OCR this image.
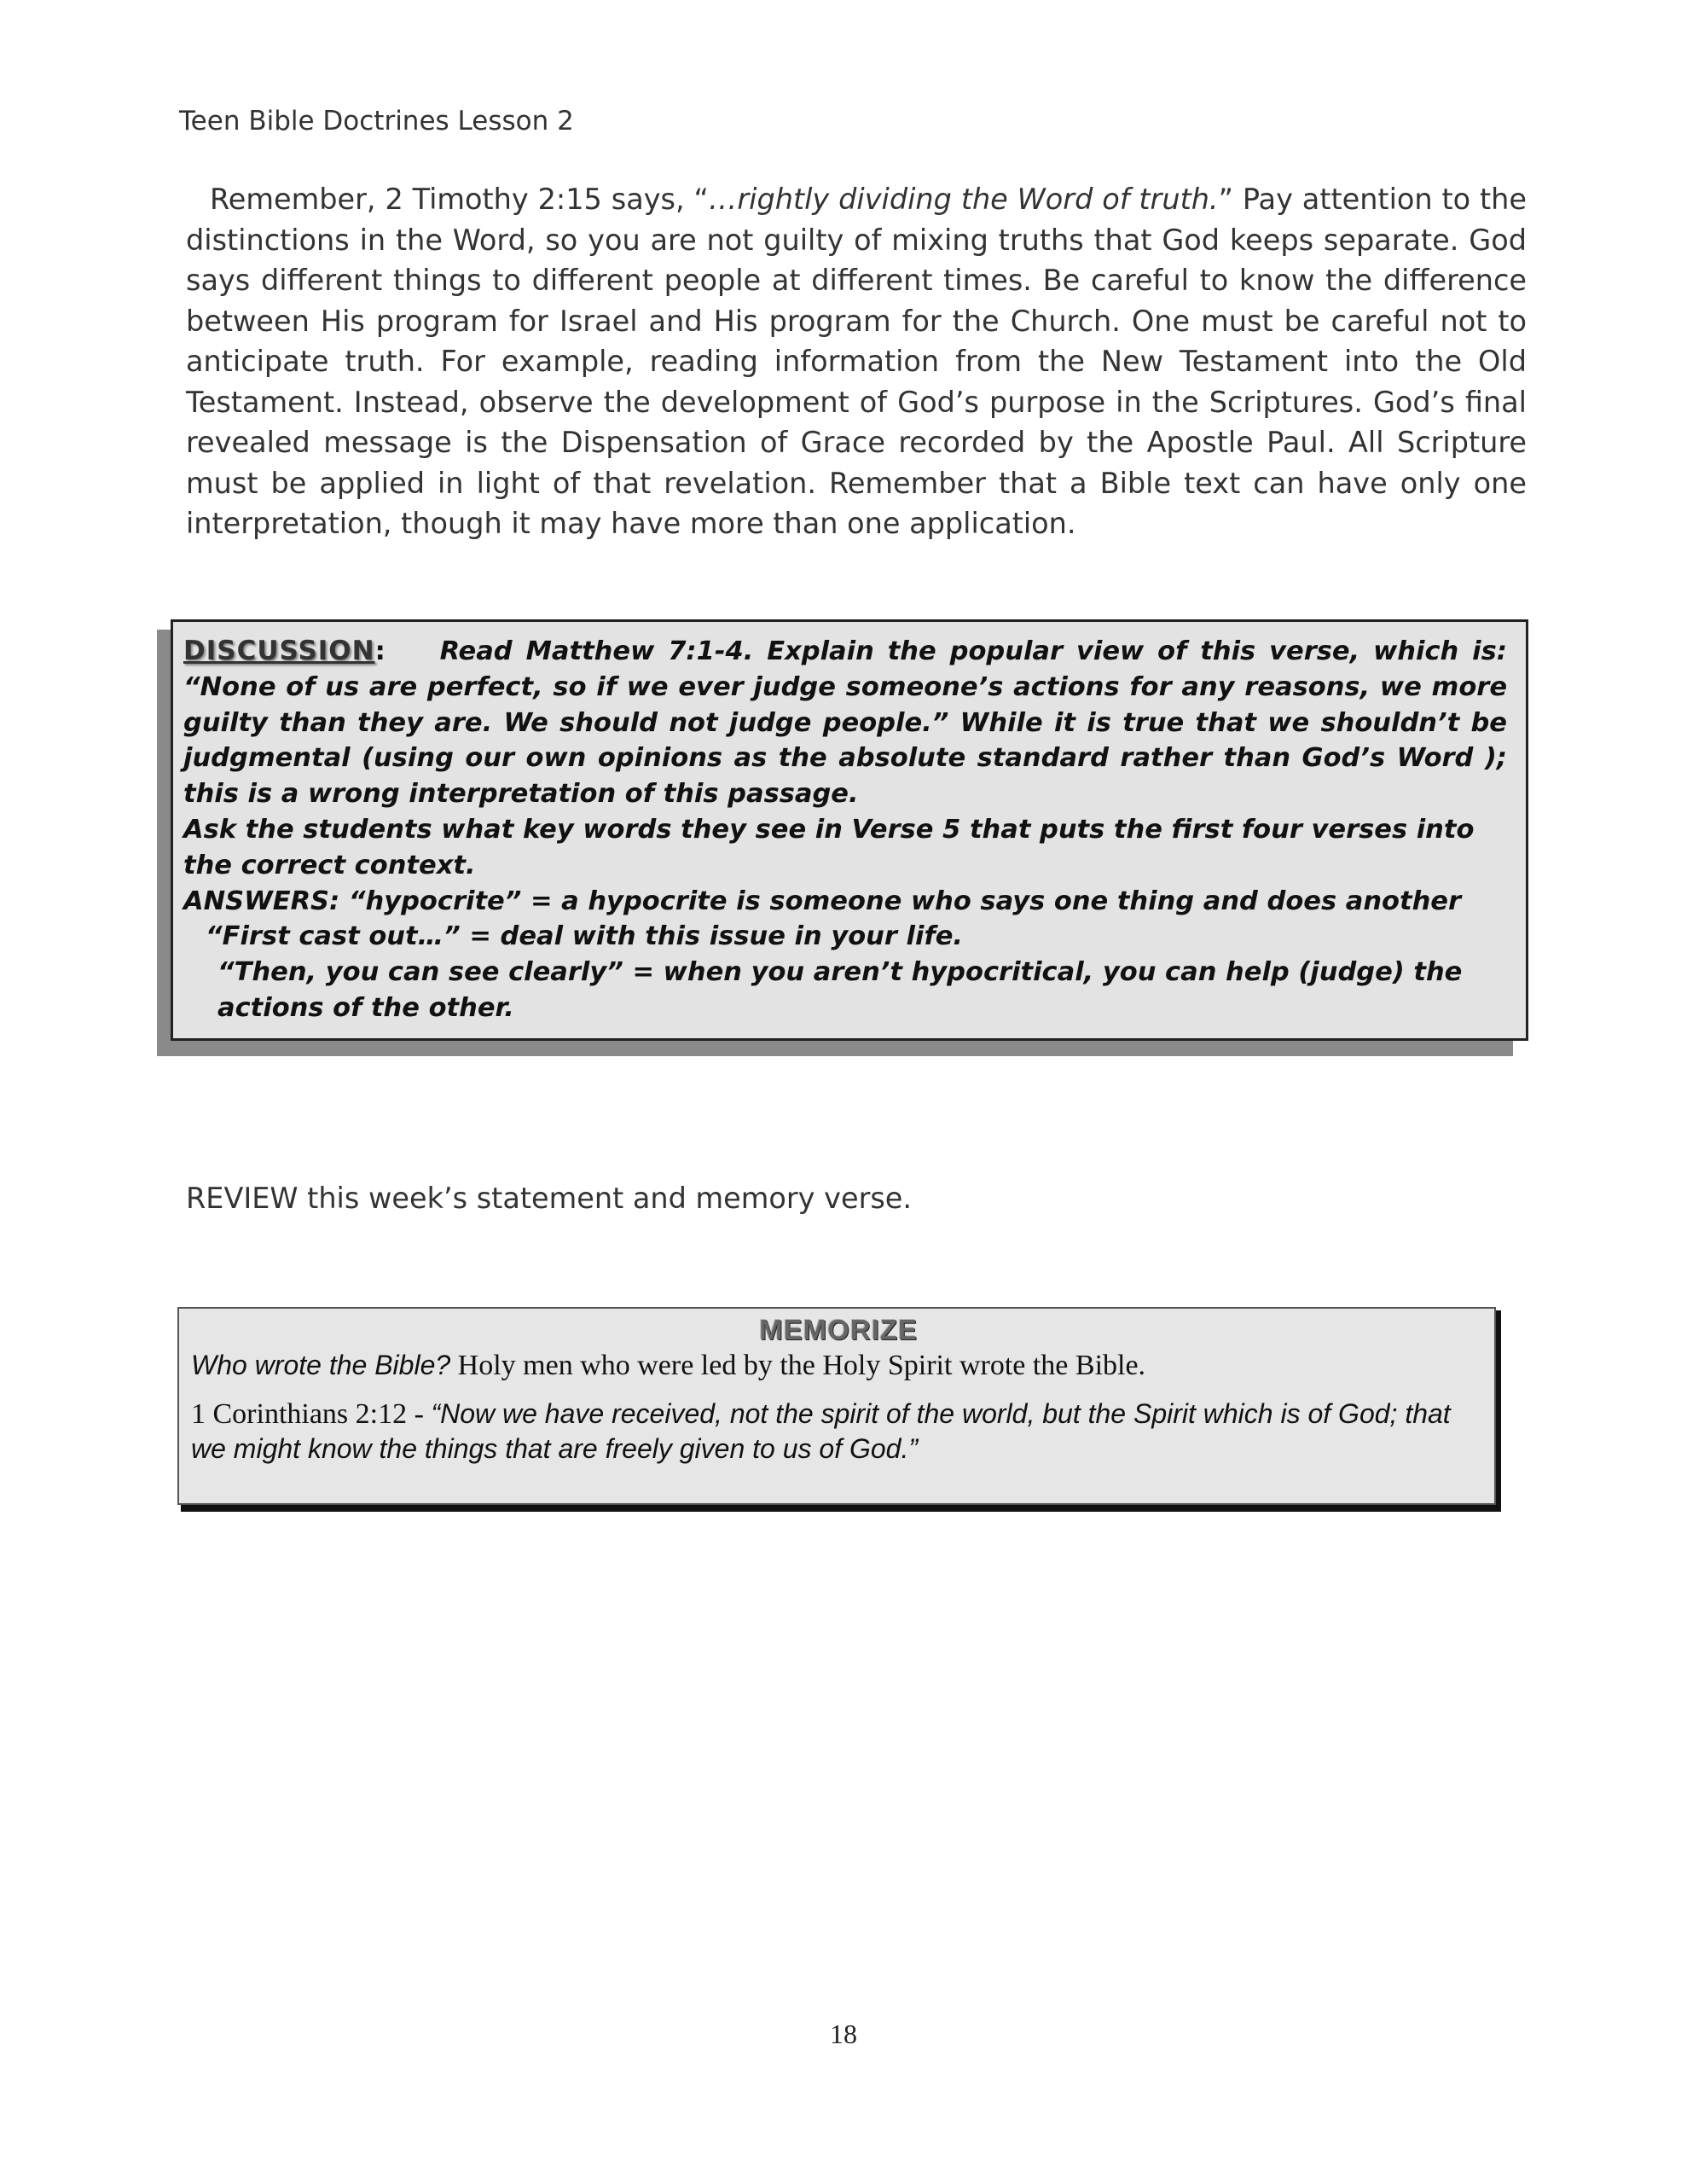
Teen Bible Doctrines Lesson 2

Remember, 2 Timothy 2:15 says, “…rightly dividing the Word of truth.” Pay attention to the distinctions in the Word, so you are not guilty of mixing truths that God keeps separate. God says different things to different people at different times. Be careful to know the difference between His program for Israel and His program for the Church. One must be careful not to anticipate truth. For example, reading information from the New Testament into the Old Testament. Instead, observe the development of God’s purpose in the Scriptures. God’s final revealed message is the Dispensation of Grace recorded by the Apostle Paul. All Scripture must be applied in light of that revelation. Remember that a Bible text can have only one interpretation, though it may have more than one application.

DISCUSSION: Read Matthew 7:1-4. Explain the popular view of this verse, which is: “None of us are perfect, so if we ever judge someone’s actions for any reasons, we more guilty than they are. We should not judge people.” While it is true that we shouldn’t be judgmental (using our own opinions as the absolute standard rather than God’s Word ); this is a wrong interpretation of this passage.

Ask the students what key words they see in Verse 5 that puts the first four verses into the correct context.

ANSWERS: “hypocrite” = a hypocrite is someone who says one thing and does another

“First cast out…” = deal with this issue in your life.

“Then, you can see clearly” = when you aren’t hypocritical, you can help (judge) the actions of the other.

REVIEW this week’s statement and memory verse.
MEMORIZE

Who wrote the Bible? Holy men who were led by the Holy Spirit wrote the Bible.

1 Corinthians 2:12 - “Now we have received, not the spirit of the world, but the Spirit which is of God; that we might know the things that are freely given to us of God.”

18
